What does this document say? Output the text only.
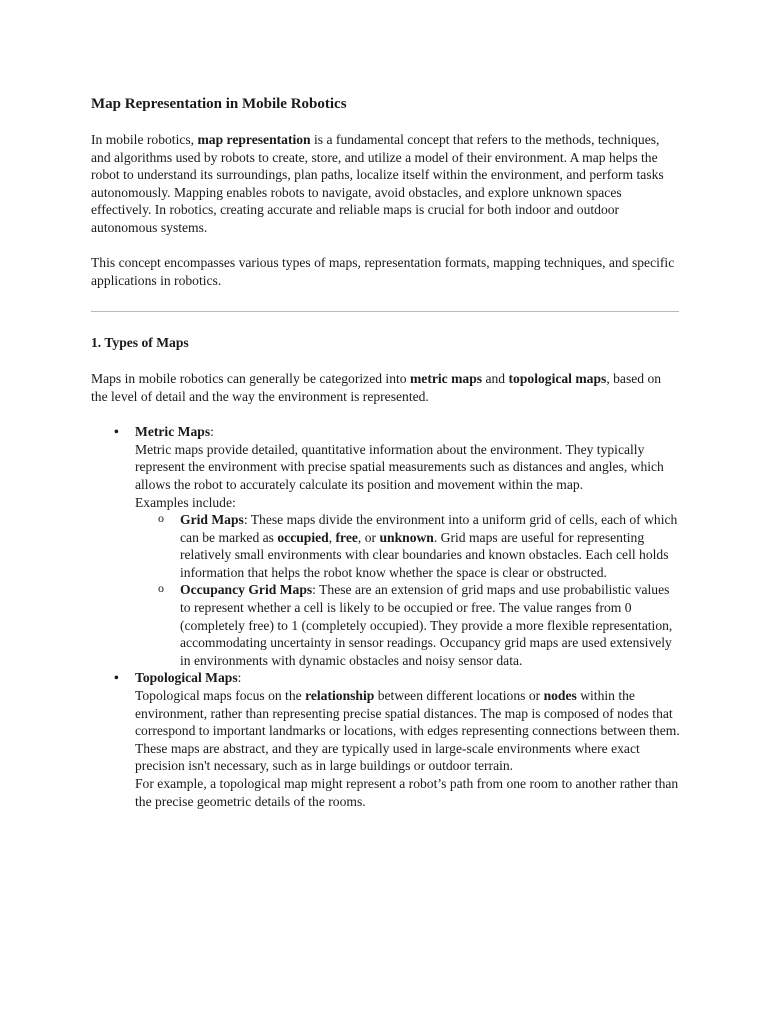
Map Representation in Mobile Robotics

In mobile robotics, map representation is a fundamental concept that refers to the methods, techniques, and algorithms used by robots to create, store, and utilize a model of their environment. A map helps the robot to understand its surroundings, plan paths, localize itself within the environment, and perform tasks autonomously. Mapping enables robots to navigate, avoid obstacles, and explore unknown spaces effectively. In robotics, creating accurate and reliable maps is crucial for both indoor and outdoor autonomous systems.

This concept encompasses various types of maps, representation formats, mapping techniques, and specific applications in robotics.

1. Types of Maps

Maps in mobile robotics can generally be categorized into metric maps and topological maps, based on the level of detail and the way the environment is represented.

• Metric Maps:
Metric maps provide detailed, quantitative information about the environment. They typically represent the environment with precise spatial measurements such as distances and angles, which allows the robot to accurately calculate its position and movement within the map.
Examples include:
o Grid Maps: These maps divide the environment into a uniform grid of cells, each of which can be marked as occupied, free, or unknown. Grid maps are useful for representing relatively small environments with clear boundaries and known obstacles. Each cell holds information that helps the robot know whether the space is clear or obstructed.
o Occupancy Grid Maps: These are an extension of grid maps and use probabilistic values to represent whether a cell is likely to be occupied or free. The value ranges from 0 (completely free) to 1 (completely occupied). They provide a more flexible representation, accommodating uncertainty in sensor readings. Occupancy grid maps are used extensively in environments with dynamic obstacles and noisy sensor data.
• Topological Maps:
Topological maps focus on the relationship between different locations or nodes within the environment, rather than representing precise spatial distances. The map is composed of nodes that correspond to important landmarks or locations, with edges representing connections between them. These maps are abstract, and they are typically used in large-scale environments where exact precision isn't necessary, such as in large buildings or outdoor terrain.
For example, a topological map might represent a robot’s path from one room to another rather than the precise geometric details of the rooms.
